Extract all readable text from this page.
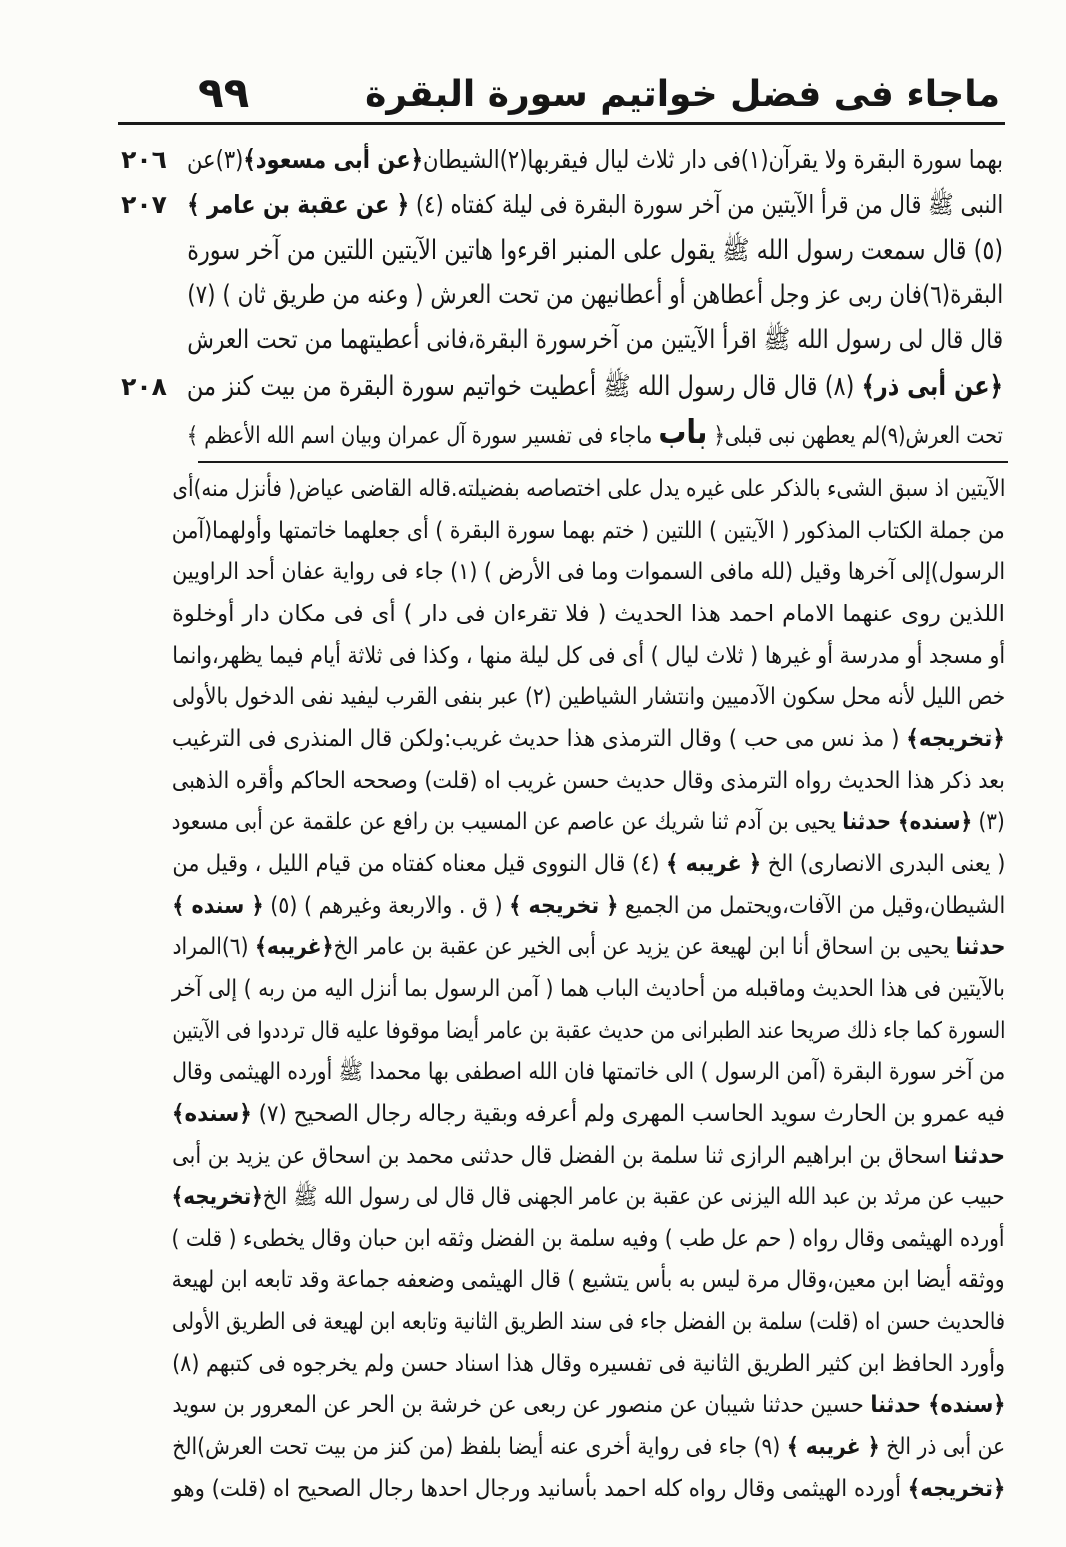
ماجاء فى فضل خواتيم سورة البقرة
٩٩
بهما سورة البقرة ولا يقرآن(١)فى دار ثلاث ليال فيقربها(٢)الشيطان﴿عن أبى مسعود﴾(٣)عن
٢٠٦
النبى ﷺ قال من قرأ الآيتين من آخر سورة البقرة فى ليلة كفتاه (٤) ﴿ عن عقبة بن عامر ﴾
٢٠٧
(٥) قال سمعت رسول الله ﷺ يقول على المنبر اقرءوا هاتين الآيتين اللتين من آخر سورة
البقرة(٦)فان ربى عز وجل أعطاهن أو أعطانيهن من تحت العرش ( وعنه من طريق ثان ) (٧)
قال قال لى رسول الله ﷺ اقرأ الآيتين من آخرسورة البقرة،فانى أعطيتهما من تحت العرش
﴿عن أبى ذر﴾ (٨) قال قال رسول الله ﷺ أعطيت خواتيم سورة البقرة من بيت كنز من
٢٠٨
تحت العرش(٩)لم يعطهن نبى قبلى﴿ باب ماجاء فى تفسير سورة آل عمران وبيان اسم الله الأعظم ﴾
الآيتين اذ سبق الشىء بالذكر على غيره يدل على اختصاصه بفضيلته.قاله القاضى عياض( فأنزل منه)أى
من جملة الكتاب المذكور ( الآيتين ) اللتين ( ختم بهما سورة البقرة ) أى جعلهما خاتمتها وأولهما(آمن
الرسول)إلى آخرها وقيل (لله مافى السموات وما فى الأرض ) (١) جاء فى رواية عفان أحد الراويين
اللذين روى عنهما الامام احمد هذا الحديث ( فلا تقرءان فى دار ) أى فى مكان دار أوخلوة
أو مسجد أو مدرسة أو غيرها ( ثلاث ليال ) أى فى كل ليلة منها ، وكذا فى ثلاثة أيام فيما يظهر،وانما
خص الليل لأنه محل سكون الآدميين وانتشار الشياطين (٢) عبر بنفى القرب ليفيد نفى الدخول بالأولى
﴿تخريجه﴾ ( مذ نس مى حب ) وقال الترمذى هذا حديث غريب:ولكن قال المنذرى فى الترغيب
بعد ذكر هذا الحديث رواه الترمذى وقال حديث حسن غريب اه (قلت) وصححه الحاكم وأقره الذهبى
(٣) ﴿سنده﴾ حدثنا يحيى بن آدم ثنا شريك عن عاصم عن المسيب بن رافع عن علقمة عن أبى مسعود
( يعنى البدرى الانصارى) الخ ﴿ غريبه ﴾ (٤) قال النووى قيل معناه كفتاه من قيام الليل ، وقيل من
الشيطان،وقيل من الآفات،ويحتمل من الجميع ﴿ تخريجه ﴾ ( ق . والاربعة وغيرهم ) (٥) ﴿ سنده ﴾
حدثنا يحيى بن اسحاق أنا ابن لهيعة عن يزيد عن أبى الخير عن عقبة بن عامر الخ﴿غريبه﴾ (٦)المراد
بالآيتين فى هذا الحديث وماقبله من أحاديث الباب هما ( آمن الرسول بما أنزل اليه من ربه ) إلى آخر
السورة كما جاء ذلك صريحا عند الطبرانى من حديث عقبة بن عامر أيضا موقوفا عليه قال ترددوا فى الآيتين
من آخر سورة البقرة (آمن الرسول ) الى خاتمتها فان الله اصطفى بها محمدا ﷺ أورده الهيثمى وقال
فيه عمرو بن الحارث سويد الحاسب المهرى ولم أعرفه وبقية رجاله رجال الصحيح (٧) ﴿سنده﴾
حدثنا اسحاق بن ابراهيم الرازى ثنا سلمة بن الفضل قال حدثنى محمد بن اسحاق عن يزيد بن أبى
حبيب عن مرثد بن عبد الله اليزنى عن عقبة بن عامر الجهنى قال قال لى رسول الله ﷺ الخ﴿تخريجه﴾
أورده الهيثمى وقال رواه ( حم عل طب ) وفيه سلمة بن الفضل وثقه ابن حبان وقال يخطىء ( قلت )
ووثقه أيضا ابن معين،وقال مرة ليس به بأس يتشيع ) قال الهيثمى وضعفه جماعة وقد تابعه ابن لهيعة
فالحديث حسن اه (قلت) سلمة بن الفضل جاء فى سند الطريق الثانية وتابعه ابن لهيعة فى الطريق الأولى
وأورد الحافظ ابن كثير الطريق الثانية فى تفسيره وقال هذا اسناد حسن ولم يخرجوه فى كتبهم (٨)
﴿سنده﴾ حدثنا حسين حدثنا شيبان عن منصور عن ربعى عن خرشة بن الحر عن المعرور بن سويد
عن أبى ذر الخ ﴿ غريبه ﴾ (٩) جاء فى رواية أخرى عنه أيضا بلفظ (من كنز من بيت تحت العرش)الخ
﴿تخريجه﴾ أورده الهيثمى وقال رواه كله احمد بأسانيد ورجال احدها رجال الصحيح اه (قلت) وهو
